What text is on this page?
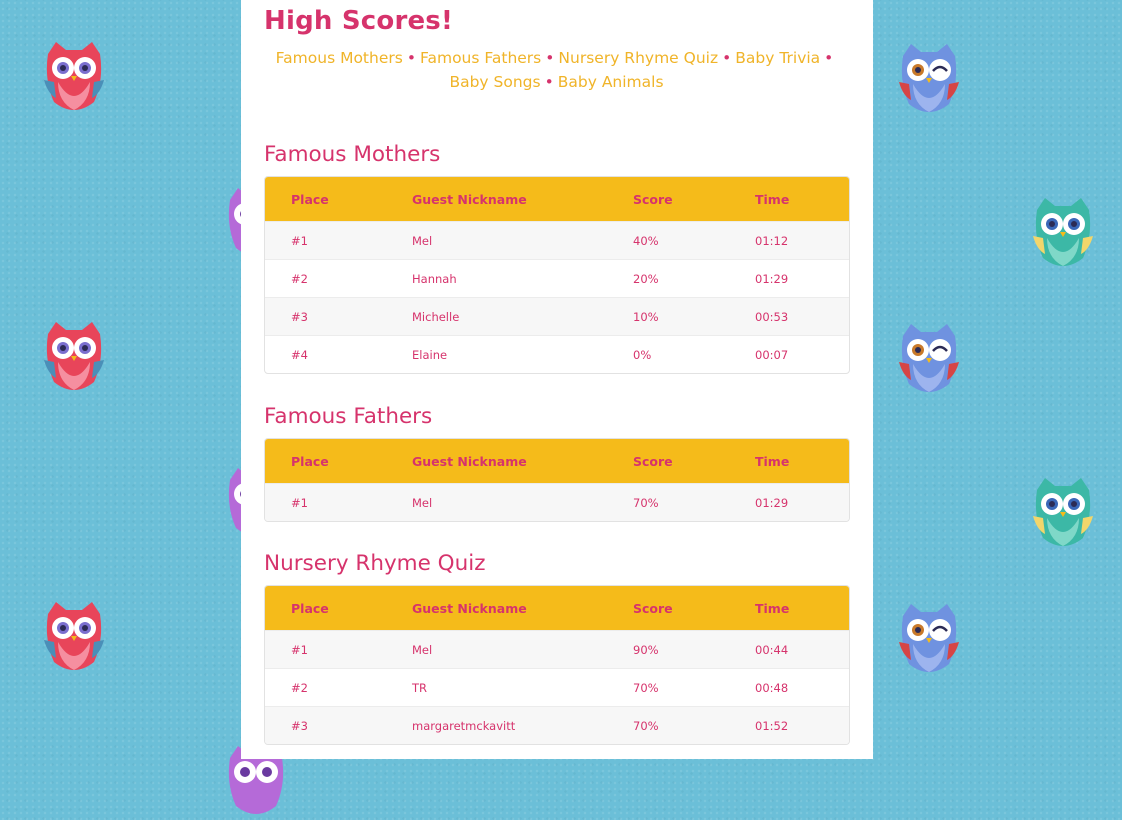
High Scores!
Famous Mothers • Famous Fathers • Nursery Rhyme Quiz • Baby Trivia •
Baby Songs • Baby Animals
Famous Mothers
Place	Guest Nickname	Score	Time
#1	Mel	40%	01:12
#2	Hannah	20%	01:29
#3	Michelle	10%	00:53
#4	Elaine	0%	00:07
Famous Fathers
Place	Guest Nickname	Score	Time
#1	Mel	70%	01:29
Nursery Rhyme Quiz
Place	Guest Nickname	Score	Time
#1	Mel	90%	00:44
#2	TR	70%	00:48
#3	margaretmckavitt	70%	01:52
